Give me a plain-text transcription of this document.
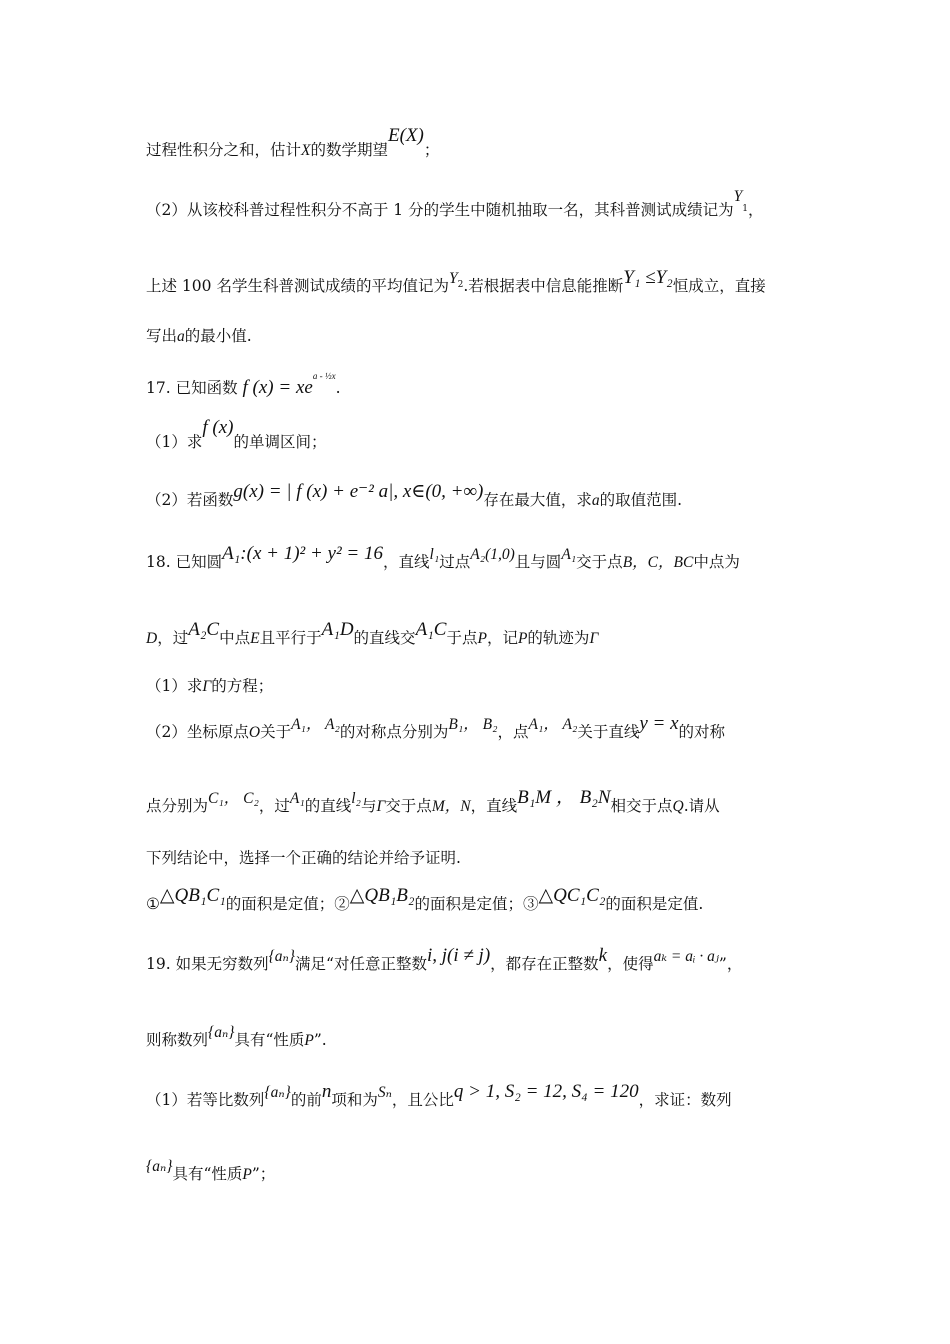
过程性积分之和，估计X的数学期望E(X)；
（2）从该校科普过程性积分不高于 1 分的学生中随机抽取一名，其科普测试成绩记为$Y_1$，
上述 100 名学生科普测试成绩的平均值记为$Y_2$.若根据表中信息能推断Y₁ ≤Y₂恒成立，直接
写出a的最小值.
17. 已知函数 f $(x) = xe^{a - \frac{1}{2}x}$.
（1）求f (x)的单调区间；
（2）若函数g(x) = | f (x) + e⁻² a|, x∈(0, +∞)存在最大值，求a的取值范围.
18. 已知圆A₁:(x + 1)² + y² = 16，直线l₁过点A₂(1,0)且与圆A₁交于点B，C，BC中点为
D，过A₂C中点E且平行于A₁D的直线交A₁C于点P，记P的轨迹为Γ
（1）求Γ的方程；
（2）坐标原点O关于A₁， A₂的对称点分别为B₁， B₂，点A₁， A₂关于直线y = x的对称
点分别为C₁， C₂，过A₁的直线l₂与Γ交于点M，N，直线B₁M ， B₂N相交于点Q.请从
下列结论中，选择一个正确的结论并给予证明.
①△QB₁C₁的面积是定值；②△QB₁B₂的面积是定值；③△QC₁C₂的面积是定值.
19. 如果无穷数列{aₙ}满足“对任意正整数i, j(i ≠ j)，都存在正整数k，使得aₖ = aᵢ · aⱼ”，
则称数列{aₙ}具有“性质P”.
（1）若等比数列{aₙ}的前n项和为Sₙ，且公比q > 1, S₂ = 12, S₄ = 120，求证：数列
{aₙ}具有“性质P”；
